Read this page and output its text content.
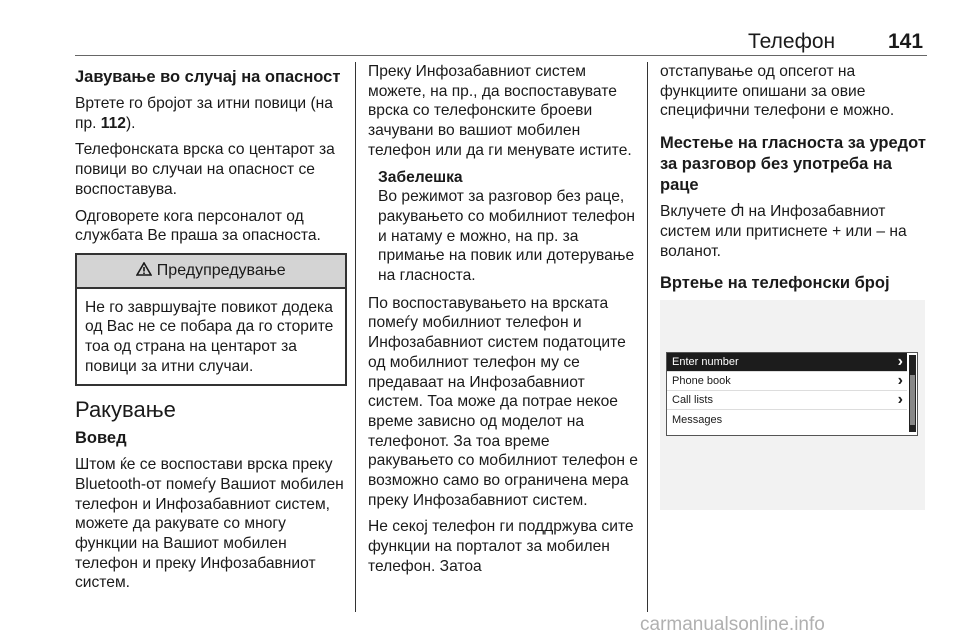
Телефон	141
Јавување во случај на опасност

Вртете го бројот за итни повици (на пр. 112).

Телефонската врска со центарот за повици во случаи на опасност се воспоставува.

Одговорете кога персоналот од службата Ве праша за опасноста.

Предупредување
Не го завршувајте повикот додека од Вас не се побара да го сторите тоа од страна на центарот за повици за итни случаи.
Ракување
Вовед

Штом ќе се воспостави врска преку Bluetooth-от помеѓу Вашиот мобилен телефон и Инфозабавниот систем, можете да ракувате со многу функции на Вашиот мобилен телефон и преку Инфозабавниот систем.

Преку Инфозабавниот систем можете, на пр., да воспоставувате врска со телефонските броеви зачувани во вашиот мобилен телефон или да ги менувате иститe.

Забелешка
Во режимот за разговор без раце, ракувањето со мобилниот телефон и натаму е можно, на пр. за примање на повик или дотерување на гласноста.

По воспоставувањето на врската помеѓу мобилниот телефон и Инфозабавниот систем податоците од мобилниот телефон му се предаваат на Инфозабавниот систем. Тоа може да потрае некое време зависно од моделот на телефонот. За тоа време ракувањето со мобилниот телефон е возможно само во ограничена мера преку Инфозабавниот систем.

Не секој телефон ги поддржува сите функции на порталот за мобилен телефон. Затоа

отстапување од опсегот на функциите опишани за овие специфични телефони е можно.

Местење на гласноста за уредот за разговор без употреба на раце

Вклучете Ⴛ на Инфозабавниот систем или притиснете + или – на воланот.

Вртење на телефонски број
Enter number	›
Phone book	›
Call lists	›
Messages
carmanualsonline.info
